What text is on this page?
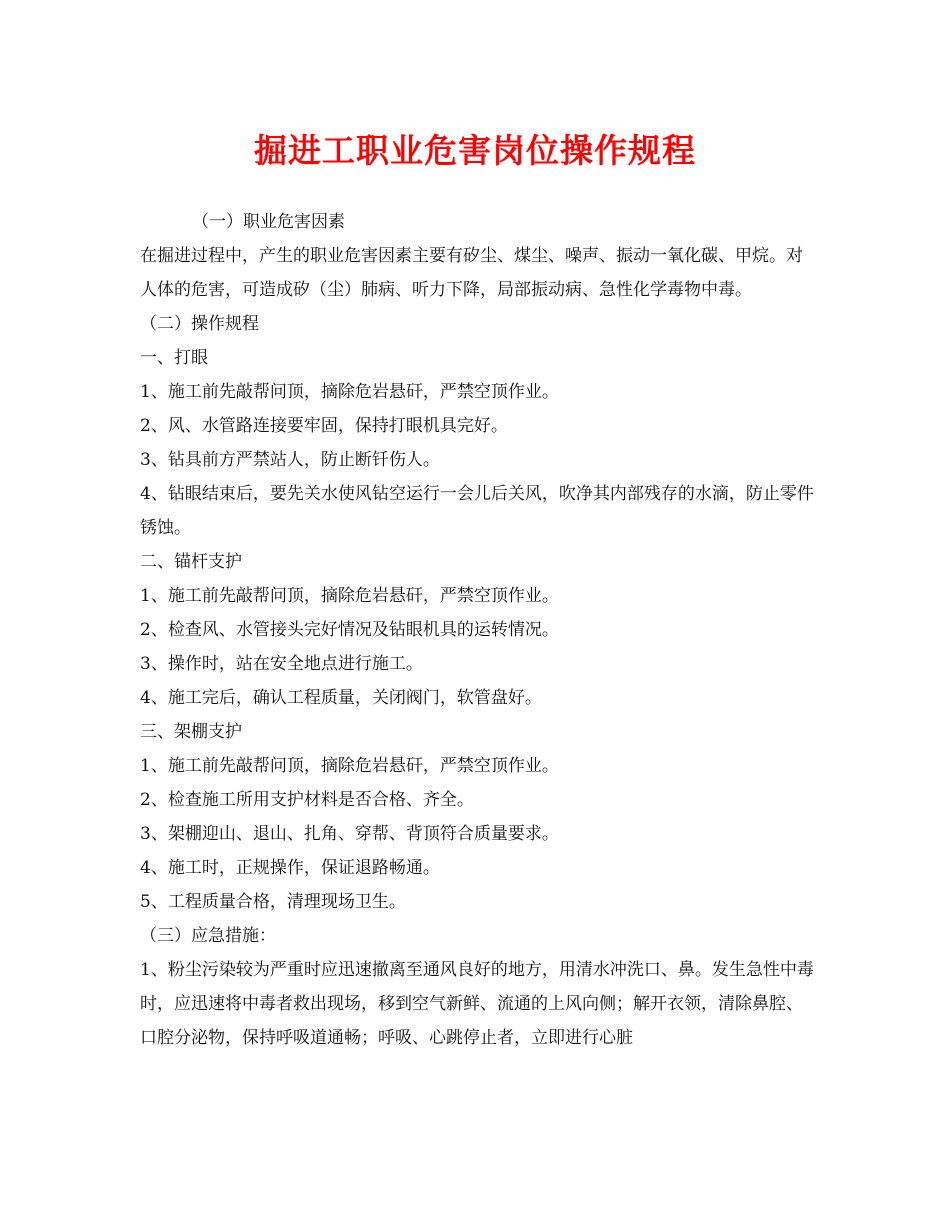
掘进工职业危害岗位操作规程

（一）职业危害因素

在掘进过程中，产生的职业危害因素主要有矽尘、煤尘、噪声、振动一氧化碳、甲烷。对人体的危害，可造成矽（尘）肺病、听力下降，局部振动病、急性化学毒物中毒。

（二）操作规程

一、打眼

1、施工前先敲帮问顶，摘除危岩悬矸，严禁空顶作业。

2、风、水管路连接要牢固，保持打眼机具完好。

3、钻具前方严禁站人，防止断钎伤人。

4、钻眼结束后，要先关水使风钻空运行一会儿后关风，吹净其内部残存的水滴，防止零件锈蚀。

二、锚杆支护

1、施工前先敲帮问顶，摘除危岩悬矸，严禁空顶作业。

2、检查风、水管接头完好情况及钻眼机具的运转情况。

3、操作时，站在安全地点进行施工。

4、施工完后，确认工程质量，关闭阀门，软管盘好。

三、架棚支护

1、施工前先敲帮问顶，摘除危岩悬矸，严禁空顶作业。

2、检查施工所用支护材料是否合格、齐全。

3、架棚迎山、退山、扎角、穿帮、背顶符合质量要求。

4、施工时，正规操作，保证退路畅通。

5、工程质量合格，清理现场卫生。

（三）应急措施：

1、粉尘污染较为严重时应迅速撤离至通风良好的地方，用清水冲洗口、鼻。发生急性中毒时，应迅速将中毒者救出现场，移到空气新鲜、流通的上风向侧；解开衣领，清除鼻腔、口腔分泌物，保持呼吸道通畅；呼吸、心跳停止者，立即进行心脏
